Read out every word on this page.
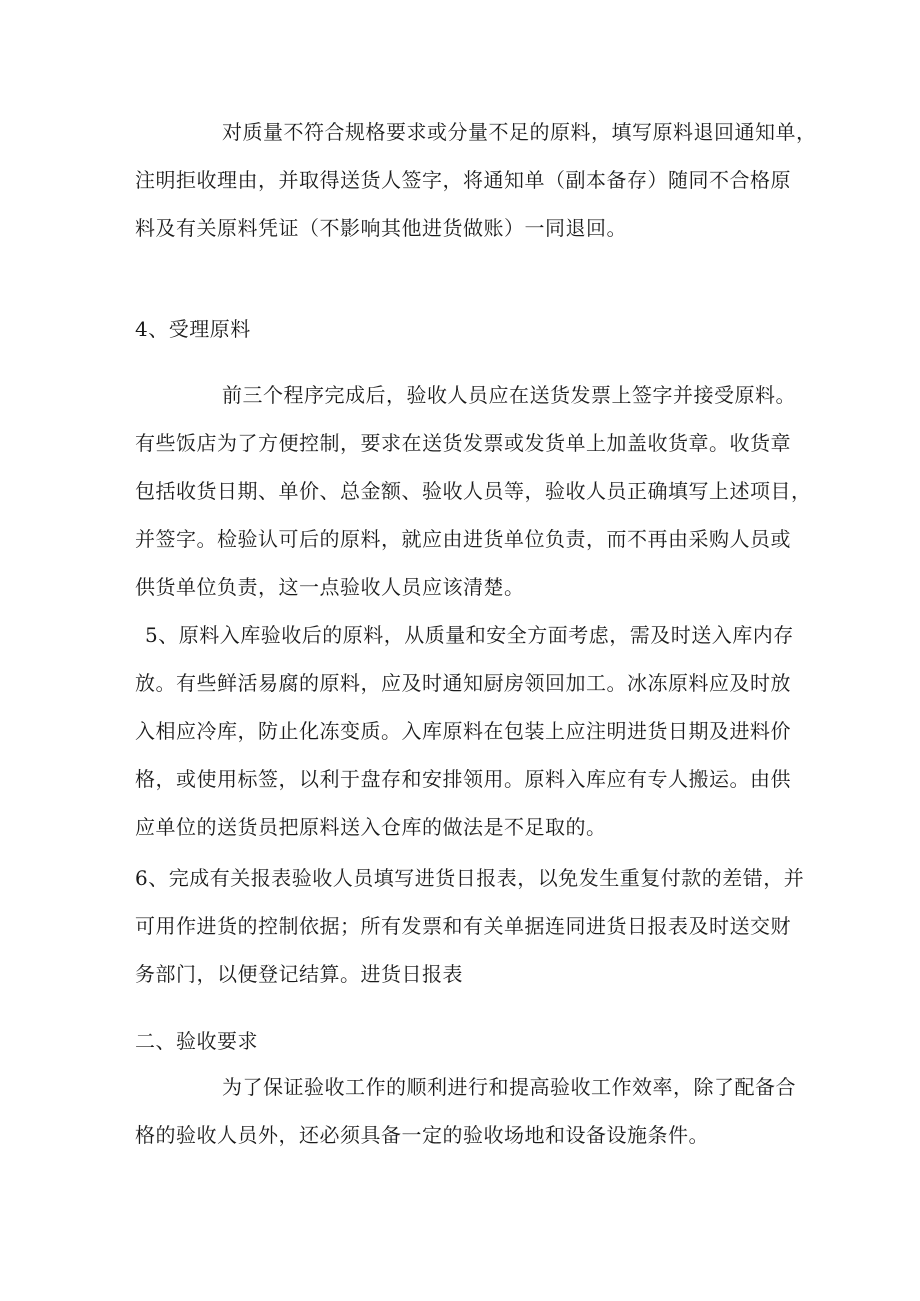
对质量不符合规格要求或分量不足的原料，填写原料退回通知单，
注明拒收理由，并取得送货人签字，将通知单（副本备存）随同不合格原
料及有关原料凭证（不影响其他进货做账）一同退回。
4、受理原料
前三个程序完成后，验收人员应在送货发票上签字并接受原料。
有些饭店为了方便控制，要求在送货发票或发货单上加盖收货章。收货章
包括收货日期、单价、总金额、验收人员等，验收人员正确填写上述项目，
并签字。检验认可后的原料，就应由进货单位负责，而不再由采购人员或
供货单位负责，这一点验收人员应该清楚。
5、原料入库验收后的原料，从质量和安全方面考虑，需及时送入库内存
放。有些鲜活易腐的原料，应及时通知厨房领回加工。冰冻原料应及时放
入相应冷库，防止化冻变质。入库原料在包装上应注明进货日期及进料价
格，或使用标签，以利于盘存和安排领用。原料入库应有专人搬运。由供
应单位的送货员把原料送入仓库的做法是不足取的。
6、完成有关报表验收人员填写进货日报表，以免发生重复付款的差错，并
可用作进货的控制依据；所有发票和有关单据连同进货日报表及时送交财
务部门，以便登记结算。进货日报表
二、验收要求
为了保证验收工作的顺利进行和提高验收工作效率，除了配备合
格的验收人员外，还必须具备一定的验收场地和设备设施条件。
